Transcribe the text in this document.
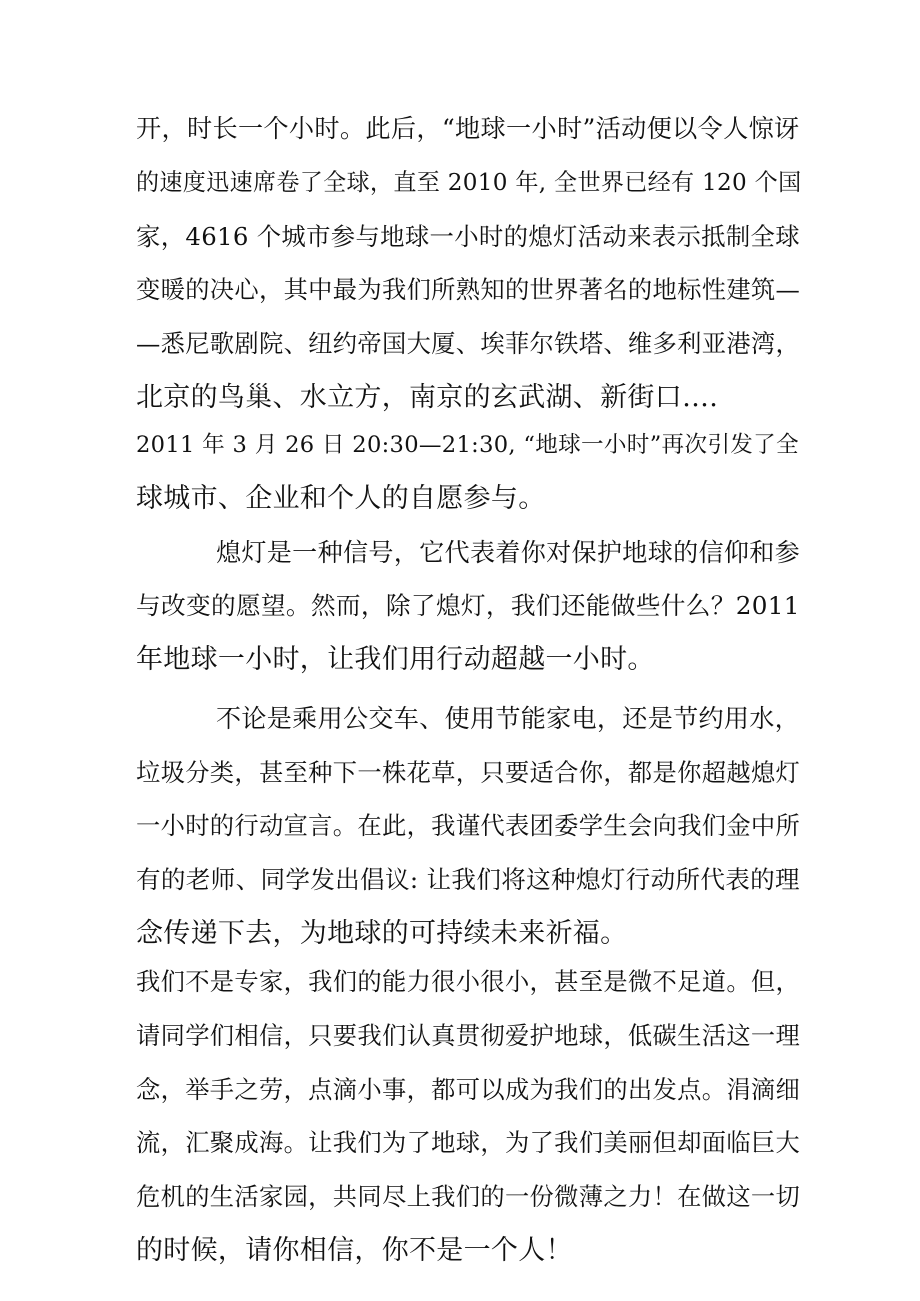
开，时长一个小时。此后，“地球一小时”活动便以令人惊讶
的速度迅速席卷了全球，直至 2010 年, 全世界已经有 120 个国
家，4616 个城市参与地球一小时的熄灯活动来表示抵制全球
变暖的决心，其中最为我们所熟知的世界著名的地标性建筑—
—悉尼歌剧院、纽约帝国大厦、埃菲尔铁塔、维多利亚港湾，
北京的鸟巢、水立方，南京的玄武湖、新街口….
2011 年 3 月 26 日 20:30—21:30, “地球一小时”再次引发了全
球城市、企业和个人的自愿参与。
熄灯是一种信号，它代表着你对保护地球的信仰和参
与改变的愿望。然而，除了熄灯，我们还能做些什么？2011
年地球一小时，让我们用行动超越一小时。
不论是乘用公交车、使用节能家电，还是节约用水，
垃圾分类，甚至种下一株花草，只要适合你，都是你超越熄灯
一小时的行动宣言。在此，我谨代表团委学生会向我们金中所
有的老师、同学发出倡议: 让我们将这种熄灯行动所代表的理
念传递下去，为地球的可持续未来祈福。
我们不是专家，我们的能力很小很小，甚至是微不足道。但，
请同学们相信，只要我们认真贯彻爱护地球，低碳生活这一理
念，举手之劳，点滴小事，都可以成为我们的出发点。涓滴细
流，汇聚成海。让我们为了地球，为了我们美丽但却面临巨大
危机的生活家园，共同尽上我们的一份微薄之力！在做这一切
的时候，请你相信，你不是一个人！
